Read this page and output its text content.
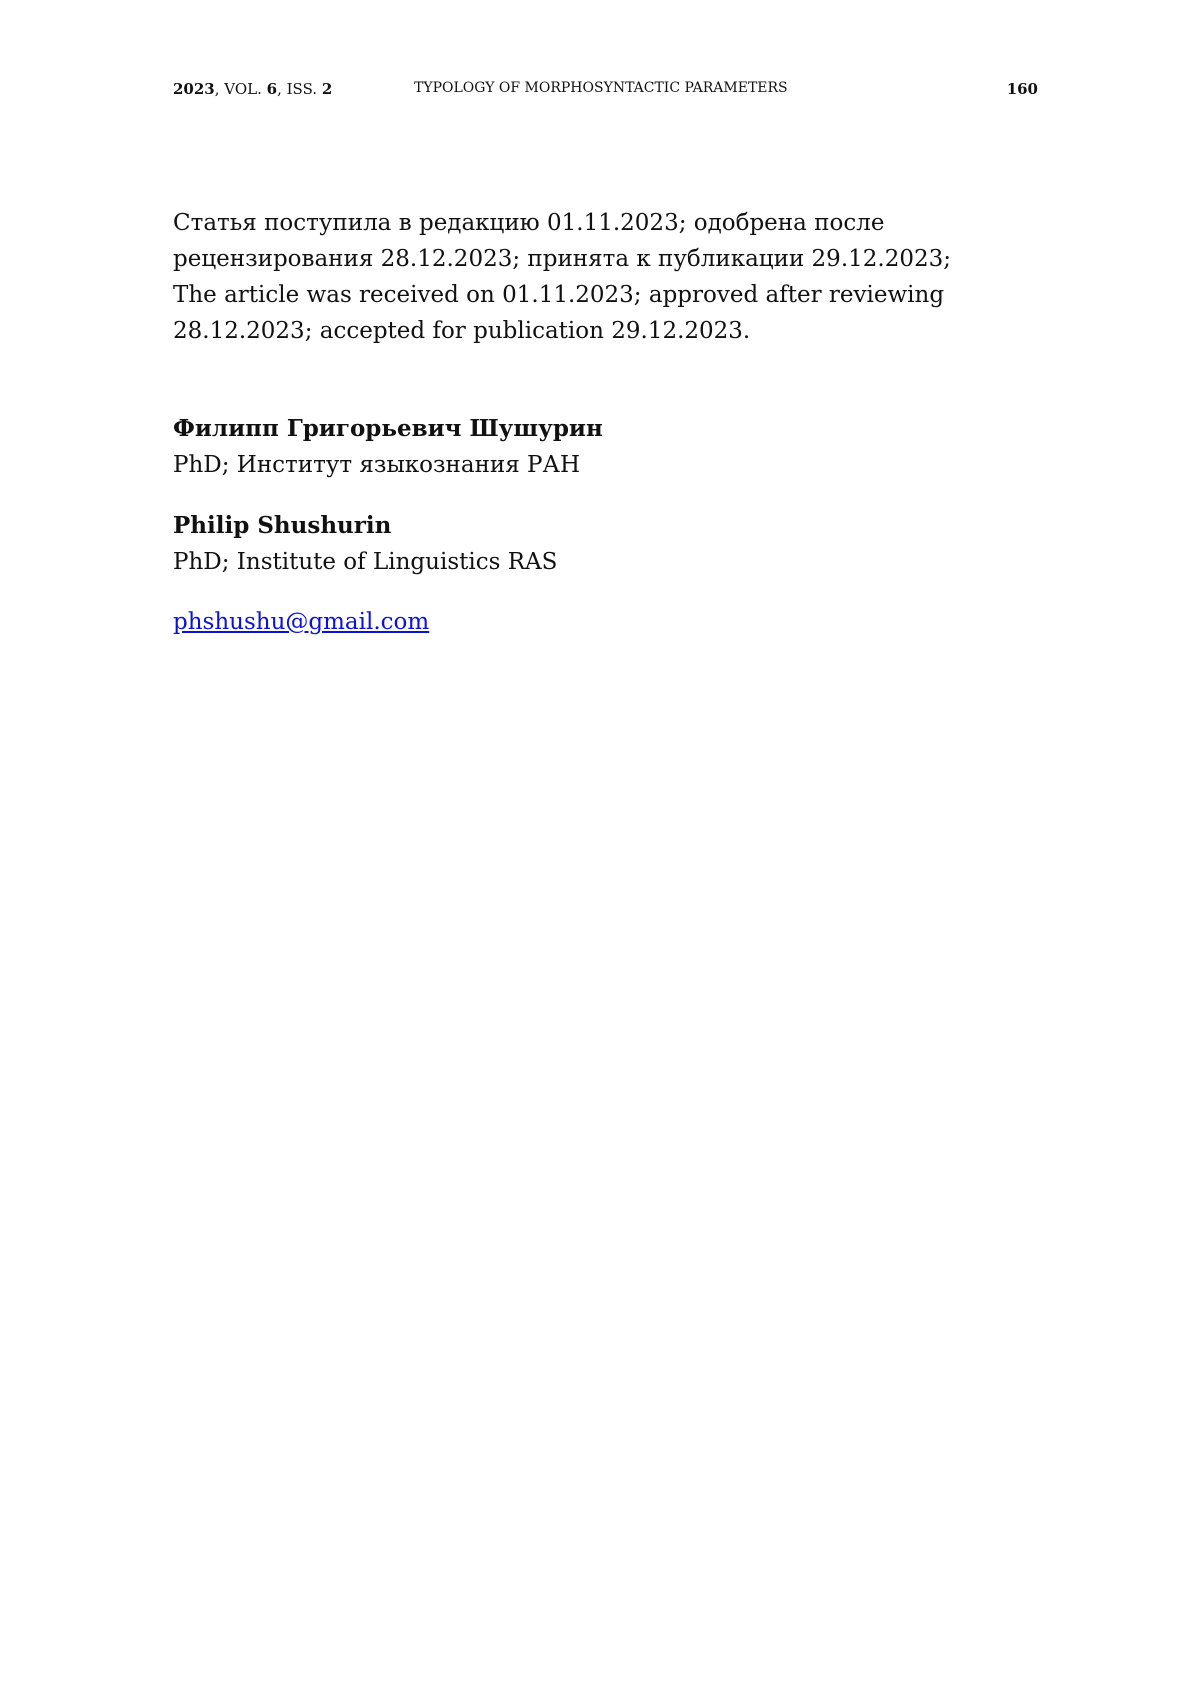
2023, VOL. 6, ISS. 2	TYPOLOGY OF MORPHOSYNTACTIC PARAMETERS	160

Статья поступила в редакцию 01.11.2023; одобрена после рецензирования 28.12.2023; принята к публикации 29.12.2023;

The article was received on 01.11.2023; approved after reviewing 28.12.2023; accepted for publication 29.12.2023.

Филипп Григорьевич Шушурин

PhD; Институт языкознания РАН

Philip Shushurin

PhD; Institute of Linguistics RAS

phshushu@gmail.com
